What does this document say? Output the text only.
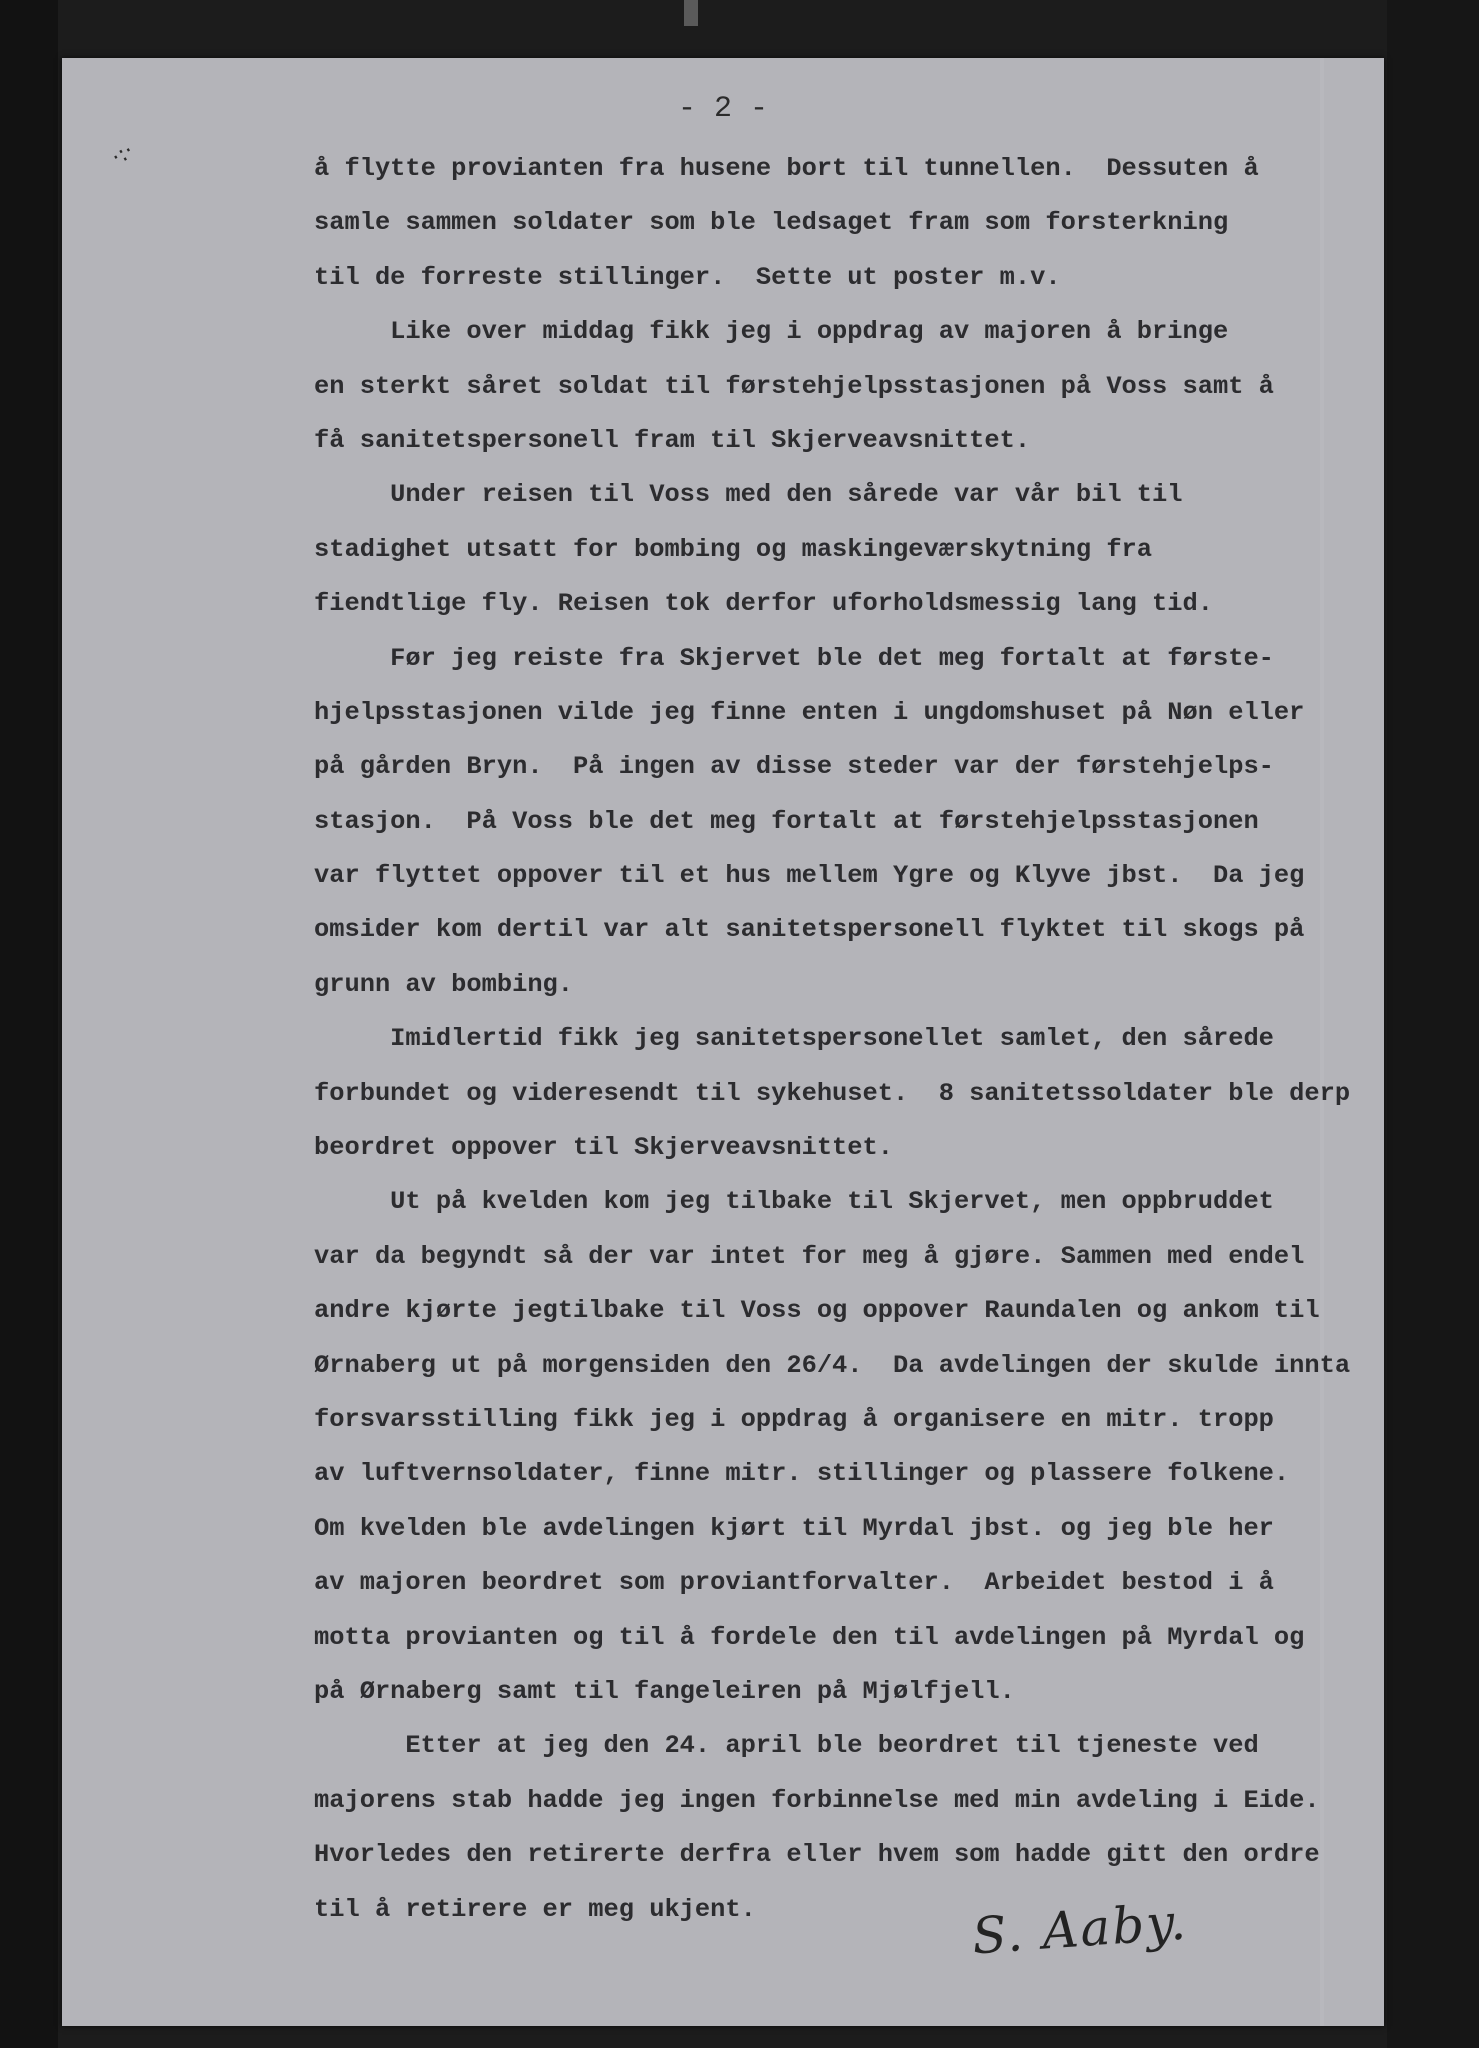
- 2 -
·:·	å flytte provianten fra husene bort til tunnellen.  Dessuten å
samle sammen soldater som ble ledsaget fram som forsterkning
til de forreste stillinger.  Sette ut poster m.v.
Like over middag fikk jeg i oppdrag av majoren å bringe
en sterkt såret soldat til førstehjelpsstasjonen på Voss samt å
få sanitetspersonell fram til Skjerveavsnittet.
Under reisen til Voss med den sårede var vår bil til
stadighet utsatt for bombing og maskingeværskytning fra
fiendtlige fly. Reisen tok derfor uforholdsmessig lang tid.
Før jeg reiste fra Skjervet ble det meg fortalt at første-
hjelpsstasjonen vilde jeg finne enten i ungdomshuset på Nøn eller
på gården Bryn.  På ingen av disse steder var der førstehjelps-
stasjon.  På Voss ble det meg fortalt at førstehjelpsstasjonen
var flyttet oppover til et hus mellem Ygre og Klyve jbst.  Da jeg
omsider kom dertil var alt sanitetspersonell flyktet til skogs på
grunn av bombing.
Imidlertid fikk jeg sanitetspersonellet samlet, den sårede
forbundet og videresendt til sykehuset.  8 sanitetssoldater ble derp
beordret oppover til Skjerveavsnittet.
Ut på kvelden kom jeg tilbake til Skjervet, men oppbruddet
var da begyndt så der var intet for meg å gjøre. Sammen med endel
andre kjørte jegtilbake til Voss og oppover Raundalen og ankom til
Ørnaberg ut på morgensiden den 26/4.  Da avdelingen der skulde innta
forsvarsstilling fikk jeg i oppdrag å organisere en mitr. tropp
av luftvernsoldater, finne mitr. stillinger og plassere folkene.
Om kvelden ble avdelingen kjørt til Myrdal jbst. og jeg ble her
av majoren beordret som proviantforvalter.  Arbeidet bestod i å
motta provianten og til å fordele den til avdelingen på Myrdal og
på Ørnaberg samt til fangeleiren på Mjølfjell.
Etter at jeg den 24. april ble beordret til tjeneste ved
majorens stab hadde jeg ingen forbinnelse med min avdeling i Eide.
Hvorledes den retirerte derfra eller hvem som hadde gitt den ordre
til å retirere er meg ukjent.	S. Aaby.
